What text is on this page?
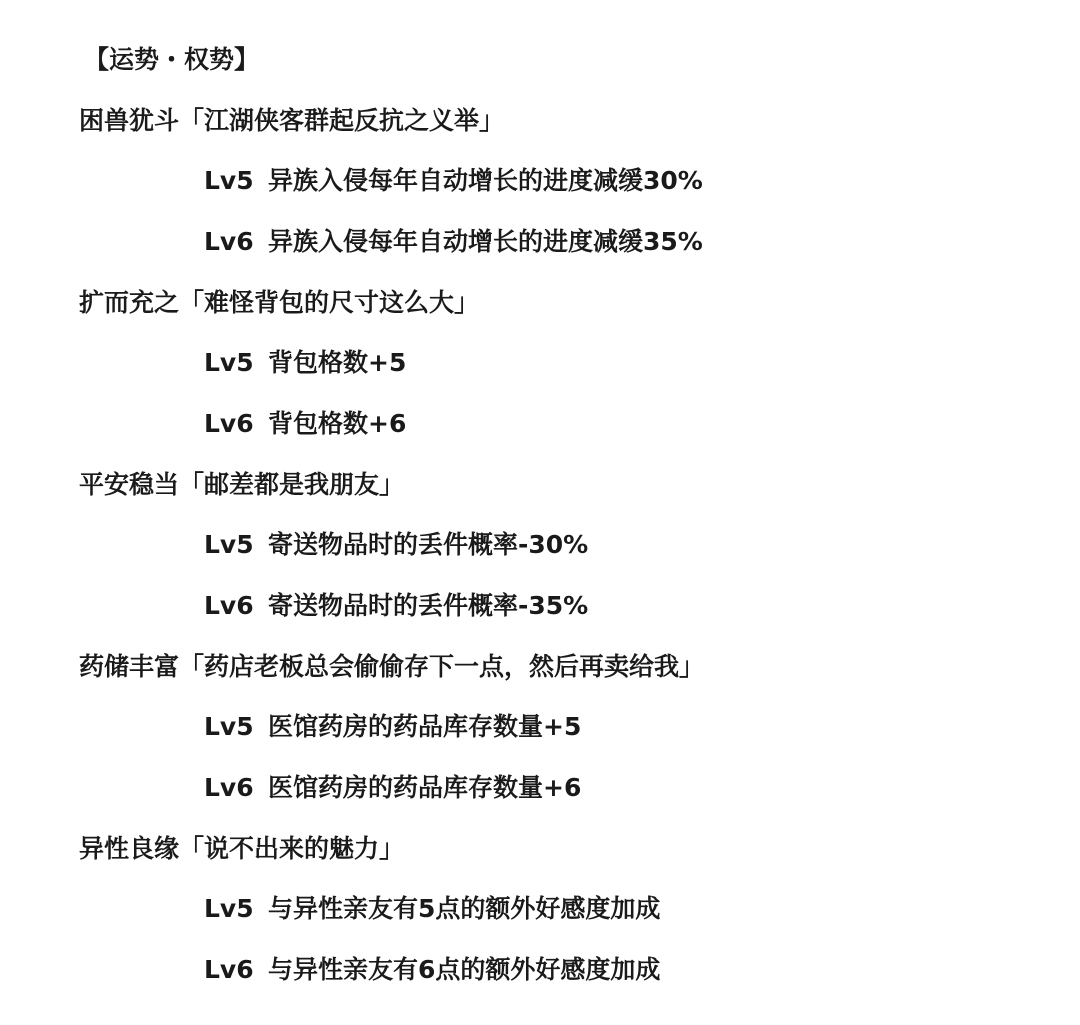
【运势・权势】
困兽犹斗「江湖侠客群起反抗之义举」
Lv5 异族入侵每年自动增长的进度减缓30%
Lv6 异族入侵每年自动增长的进度减缓35%
扩而充之「难怪背包的尺寸这么大」
Lv5 背包格数+5
Lv6 背包格数+6
平安稳当「邮差都是我朋友」
Lv5 寄送物品时的丢件概率-30%
Lv6 寄送物品时的丢件概率-35%
药储丰富「药店老板总会偷偷存下一点，然后再卖给我」
Lv5 医馆药房的药品库存数量+5
Lv6 医馆药房的药品库存数量+6
异性良缘「说不出来的魅力」
Lv5 与异性亲友有5点的额外好感度加成
Lv6 与异性亲友有6点的额外好感度加成
